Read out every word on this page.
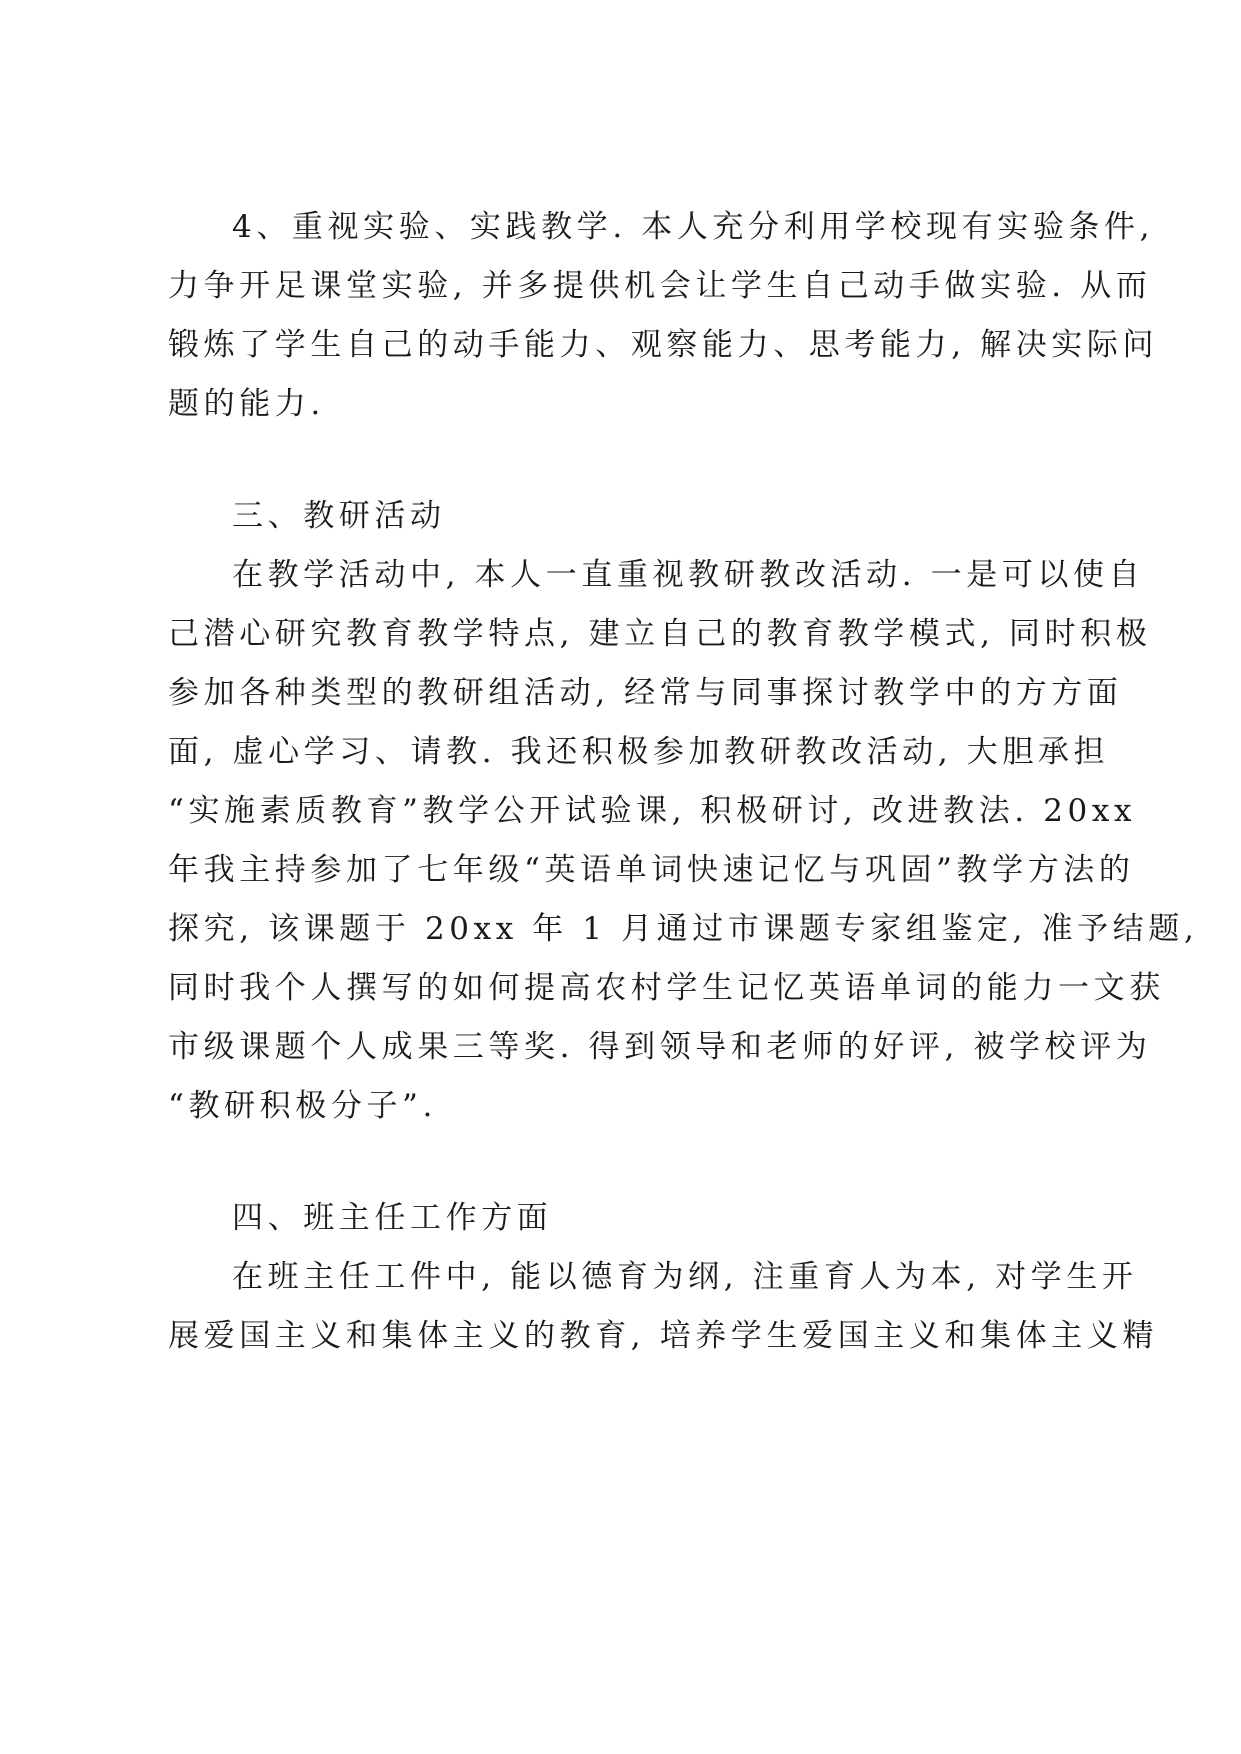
4、重视实验、实践教学. 本人充分利用学校现有实验条件,
力争开足课堂实验, 并多提供机会让学生自己动手做实验. 从而
锻炼了学生自己的动手能力、观察能力、思考能力, 解决实际问
题的能力.
三、教研活动
在教学活动中, 本人一直重视教研教改活动. 一是可以使自
己潜心研究教育教学特点, 建立自己的教育教学模式, 同时积极
参加各种类型的教研组活动, 经常与同事探讨教学中的方方面
面, 虚心学习、请教. 我还积极参加教研教改活动, 大胆承担
“实施素质教育”教学公开试验课, 积极研讨, 改进教法. 20xx
年我主持参加了七年级“英语单词快速记忆与巩固”教学方法的
探究, 该课题于 20xx 年 1 月通过市课题专家组鉴定, 准予结题,
同时我个人撰写的如何提高农村学生记忆英语单词的能力一文获
市级课题个人成果三等奖. 得到领导和老师的好评, 被学校评为
“教研积极分子”.
四、班主任工作方面
在班主任工件中, 能以德育为纲, 注重育人为本, 对学生开
展爱国主义和集体主义的教育, 培养学生爱国主义和集体主义精
